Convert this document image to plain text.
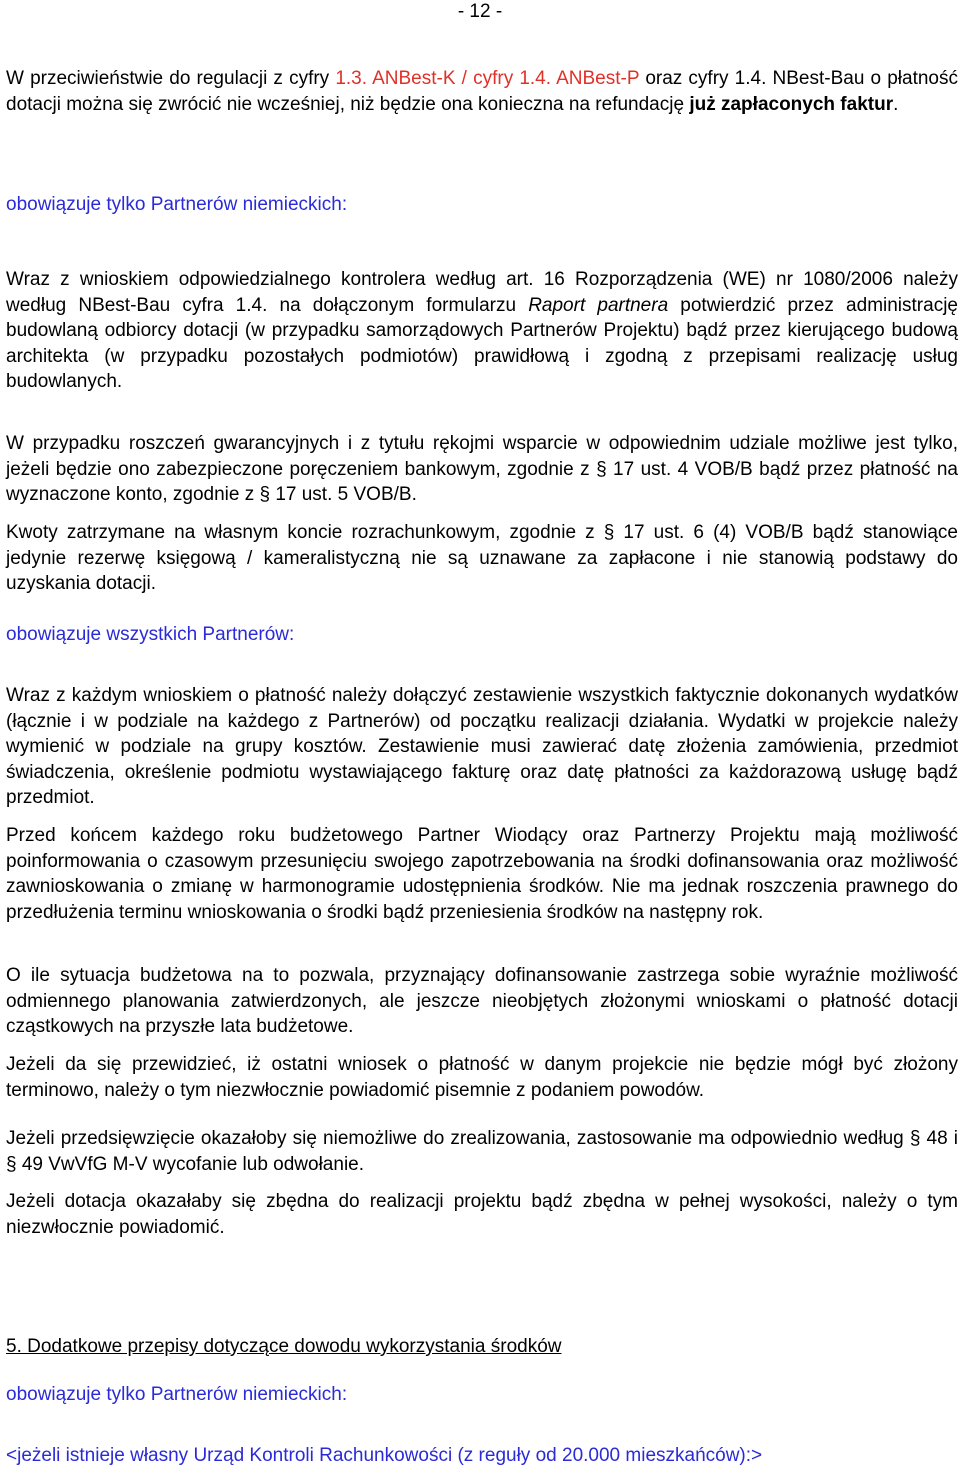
- 12 -
W przeciwieństwie do regulacji z cyfry 1.3. ANBest-K / cyfry 1.4. ANBest-P oraz cyfry 1.4. NBest-Bau o płatność dotacji można się zwrócić nie wcześniej, niż będzie ona konieczna na refundację już zapłaconych faktur.
obowiązuje tylko Partnerów niemieckich:
Wraz z wnioskiem odpowiedzialnego kontrolera według art. 16 Rozporządzenia (WE) nr 1080/2006 należy według NBest-Bau cyfra 1.4. na dołączonym formularzu Raport partnera potwierdzić przez administrację budowlaną odbiorcy dotacji (w przypadku samorządowych Partnerów Projektu) bądź przez kierującego budową architekta (w przypadku pozostałych podmiotów) prawidłową i zgodną z przepisami realizację usług budowlanych.
W przypadku roszczeń gwarancyjnych i z tytułu rękojmi wsparcie w odpowiednim udziale możliwe jest tylko, jeżeli będzie ono zabezpieczone poręczeniem bankowym, zgodnie z § 17 ust. 4 VOB/B bądź przez płatność na wyznaczone konto, zgodnie z § 17 ust. 5 VOB/B.
Kwoty zatrzymane na własnym koncie rozrachunkowym, zgodnie z § 17 ust. 6 (4) VOB/B bądź stanowiące jedynie rezerwę księgową / kameralistyczną nie są uznawane za zapłacone i nie stanowią podstawy do uzyskania dotacji.
obowiązuje wszystkich Partnerów:
Wraz z każdym wnioskiem o płatność należy dołączyć zestawienie wszystkich faktycznie dokonanych wydatków (łącznie i w podziale na każdego z Partnerów) od początku realizacji działania. Wydatki w projekcie należy wymienić w podziale na grupy kosztów. Zestawienie musi zawierać datę złożenia zamówienia, przedmiot świadczenia, określenie podmiotu wystawiającego fakturę oraz datę płatności za każdorazową usługę bądź przedmiot.
Przed końcem każdego roku budżetowego Partner Wiodący oraz Partnerzy Projektu mają możliwość poinformowania o czasowym przesunięciu swojego zapotrzebowania na środki dofinansowania oraz możliwość zawnioskowania o zmianę w harmonogramie udostępnienia środków. Nie ma jednak roszczenia prawnego do przedłużenia terminu wnioskowania o środki bądź przeniesienia środków na następny rok.
O ile sytuacja budżetowa na to pozwala, przyznający dofinansowanie zastrzega sobie wyraźnie możliwość odmiennego planowania zatwierdzonych, ale jeszcze nieobjętych złożonymi wnioskami o płatność dotacji cząstkowych na przyszłe lata budżetowe.
Jeżeli da się przewidzieć, iż ostatni wniosek o płatność w danym projekcie nie będzie mógł być złożony terminowo, należy o tym niezwłocznie powiadomić pisemnie z podaniem powodów.
Jeżeli przedsięwzięcie okazałoby się niemożliwe do zrealizowania, zastosowanie ma odpowiednio według § 48 i § 49 VwVfG M-V wycofanie lub odwołanie.
Jeżeli dotacja okazałaby się zbędna do realizacji projektu bądź zbędna w pełnej wysokości, należy o tym niezwłocznie powiadomić.
5. Dodatkowe przepisy dotyczące dowodu wykorzystania środków
obowiązuje tylko Partnerów niemieckich:
<jeżeli istnieje własny Urząd Kontroli Rachunkowości (z reguły od 20.000 mieszkańców):>
